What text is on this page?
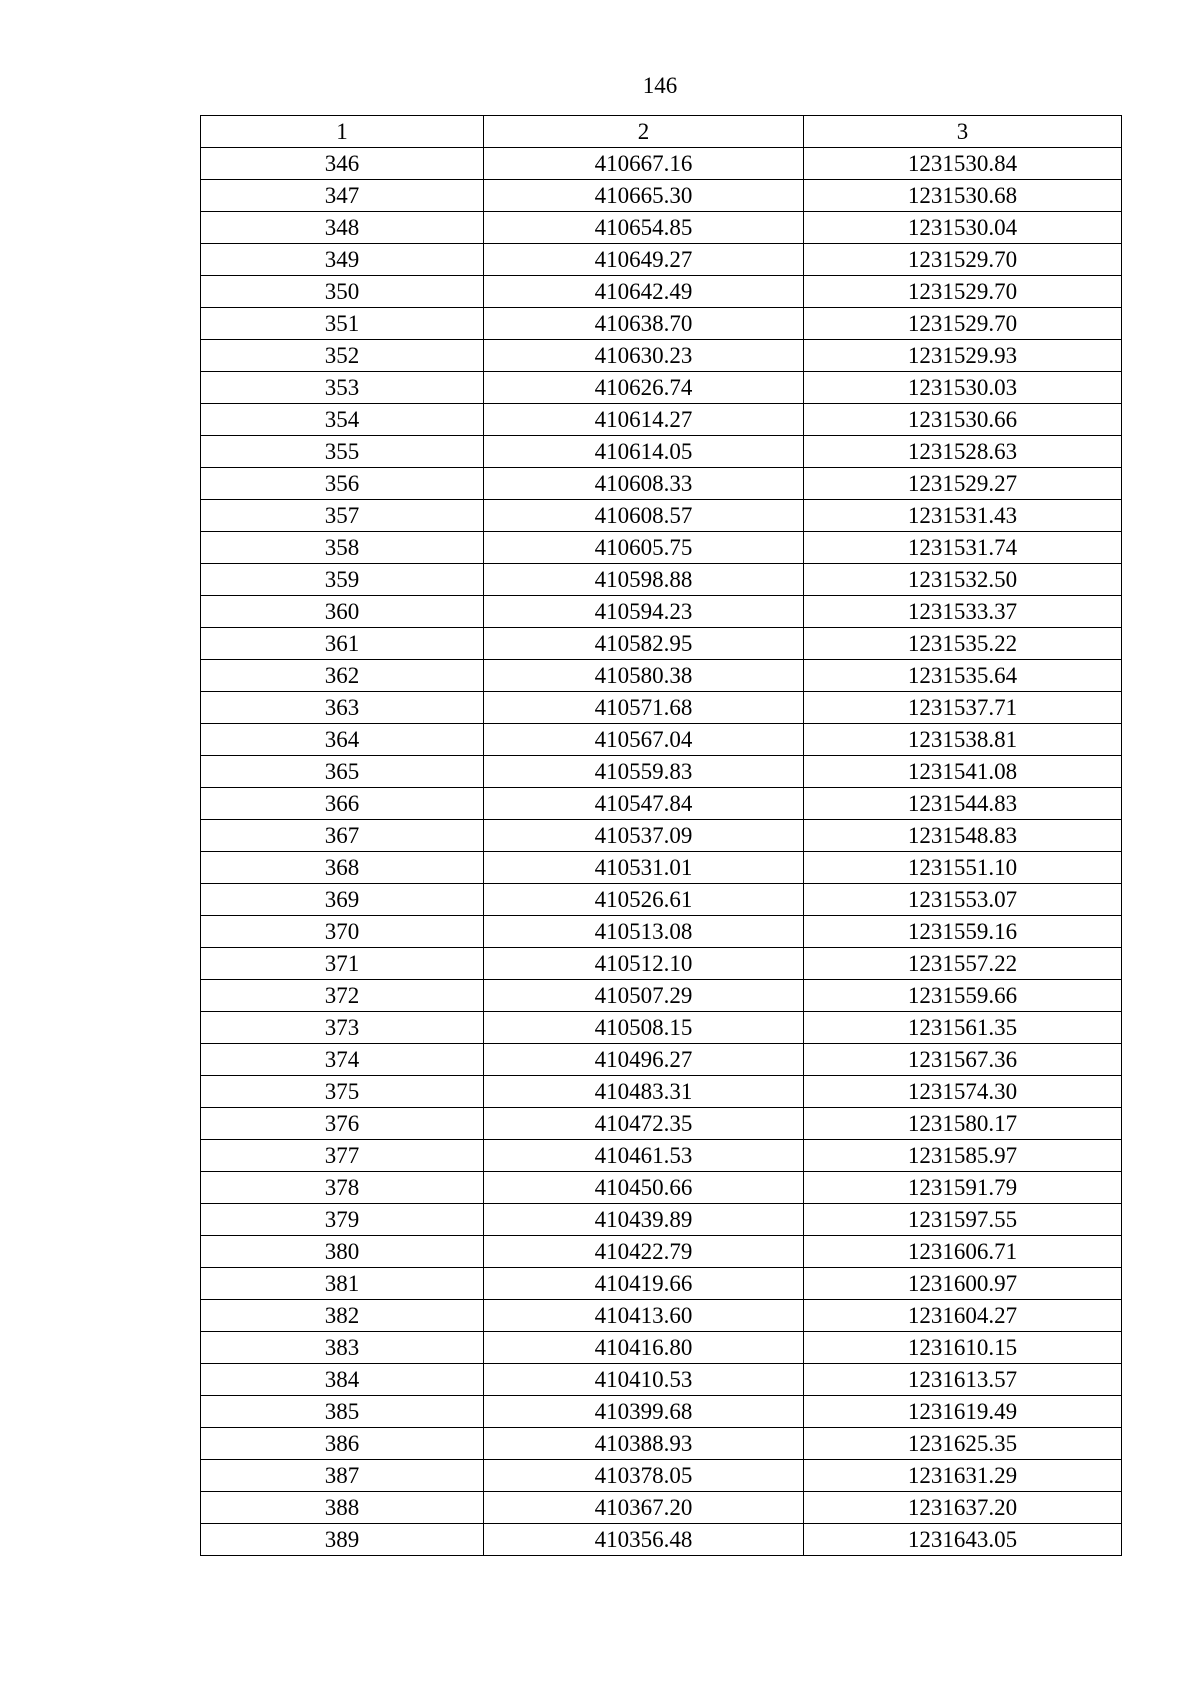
146
1	2	3
346	410667.16	1231530.84
347	410665.30	1231530.68
348	410654.85	1231530.04
349	410649.27	1231529.70
350	410642.49	1231529.70
351	410638.70	1231529.70
352	410630.23	1231529.93
353	410626.74	1231530.03
354	410614.27	1231530.66
355	410614.05	1231528.63
356	410608.33	1231529.27
357	410608.57	1231531.43
358	410605.75	1231531.74
359	410598.88	1231532.50
360	410594.23	1231533.37
361	410582.95	1231535.22
362	410580.38	1231535.64
363	410571.68	1231537.71
364	410567.04	1231538.81
365	410559.83	1231541.08
366	410547.84	1231544.83
367	410537.09	1231548.83
368	410531.01	1231551.10
369	410526.61	1231553.07
370	410513.08	1231559.16
371	410512.10	1231557.22
372	410507.29	1231559.66
373	410508.15	1231561.35
374	410496.27	1231567.36
375	410483.31	1231574.30
376	410472.35	1231580.17
377	410461.53	1231585.97
378	410450.66	1231591.79
379	410439.89	1231597.55
380	410422.79	1231606.71
381	410419.66	1231600.97
382	410413.60	1231604.27
383	410416.80	1231610.15
384	410410.53	1231613.57
385	410399.68	1231619.49
386	410388.93	1231625.35
387	410378.05	1231631.29
388	410367.20	1231637.20
389	410356.48	1231643.05
